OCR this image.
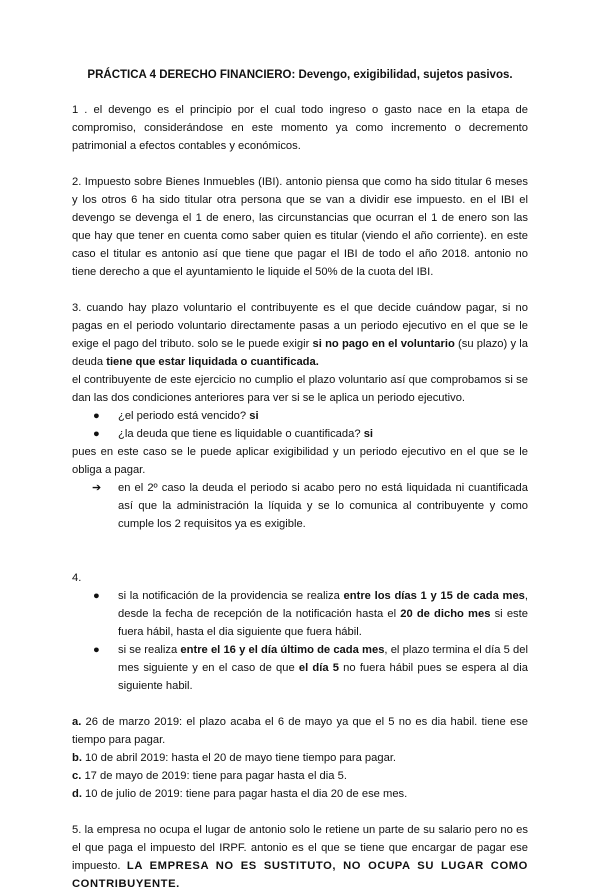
PRÁCTICA 4 DERECHO FINANCIERO: Devengo, exigibilidad, sujetos pasivos.

1 . el devengo es el principio por el cual todo ingreso o gasto nace en la etapa de compromiso, considerándose en este momento ya como incremento o decremento patrimonial a efectos contables y económicos.

2. Impuesto sobre Bienes Inmuebles (IBI). antonio piensa que como ha sido titular 6 meses y los otros 6 ha sido titular otra persona que se van a dividir ese impuesto. en el IBI el devengo se devenga el 1 de enero, las circunstancias que ocurran el 1 de enero son las que hay que tener en cuenta como saber quien es titular (viendo el año corriente). en este caso el titular es antonio así que tiene que pagar el IBI de todo el año 2018. antonio no tiene derecho a que el ayuntamiento le liquide el 50% de la cuota del IBI.

3. cuando hay plazo voluntario el contribuyente es el que decide cuándow pagar, si no pagas en el periodo voluntario directamente pasas a un periodo ejecutivo en el que se le exige el pago del tributo. solo se le puede exigir si no pago en el voluntario (su plazo) y la deuda tiene que estar liquidada o cuantificada.

el contribuyente de este ejercicio no cumplio el plazo voluntario así que comprobamos si se dan las dos condiciones anteriores para ver si se le aplica un periodo ejecutivo.

● ¿el periodo está vencido? si
● ¿la deuda que tiene es liquidable o cuantificada? si

pues en este caso se le puede aplicar exigibilidad y un periodo ejecutivo en el que se le obliga a pagar.

➔ en el 2º caso la deuda el periodo si acabo pero no está liquidada ni cuantificada así que la administración la líquida y se lo comunica al contribuyente y como cumple los 2 requisitos ya es exigible.

4.

● si la notificación de la providencia se realiza entre los días 1 y 15 de cada mes, desde la fecha de recepción de la notificación hasta el 20 de dicho mes si este fuera hábil, hasta el dia siguiente que fuera hábil.
● si se realiza entre el 16 y el día último de cada mes, el plazo termina el día 5 del mes siguiente y en el caso de que el día 5 no fuera hábil pues se espera al dia siguiente habil.

a. 26 de marzo 2019: el plazo acaba el 6 de mayo ya que el 5 no es dia habil. tiene ese tiempo para pagar.

b. 10 de abril 2019: hasta el 20 de mayo tiene tiempo para pagar.

c. 17 de mayo de 2019: tiene para pagar hasta el dia 5.

d. 10 de julio de 2019: tiene para pagar hasta el dia 20 de ese mes.

5. la empresa no ocupa el lugar de antonio solo le retiene un parte de su salario pero no es el que paga el impuesto del IRPF. antonio es el que se tiene que encargar de pagar ese impuesto. LA EMPRESA NO ES SUSTITUTO, NO OCUPA SU LUGAR COMO CONTRIBUYENTE.
